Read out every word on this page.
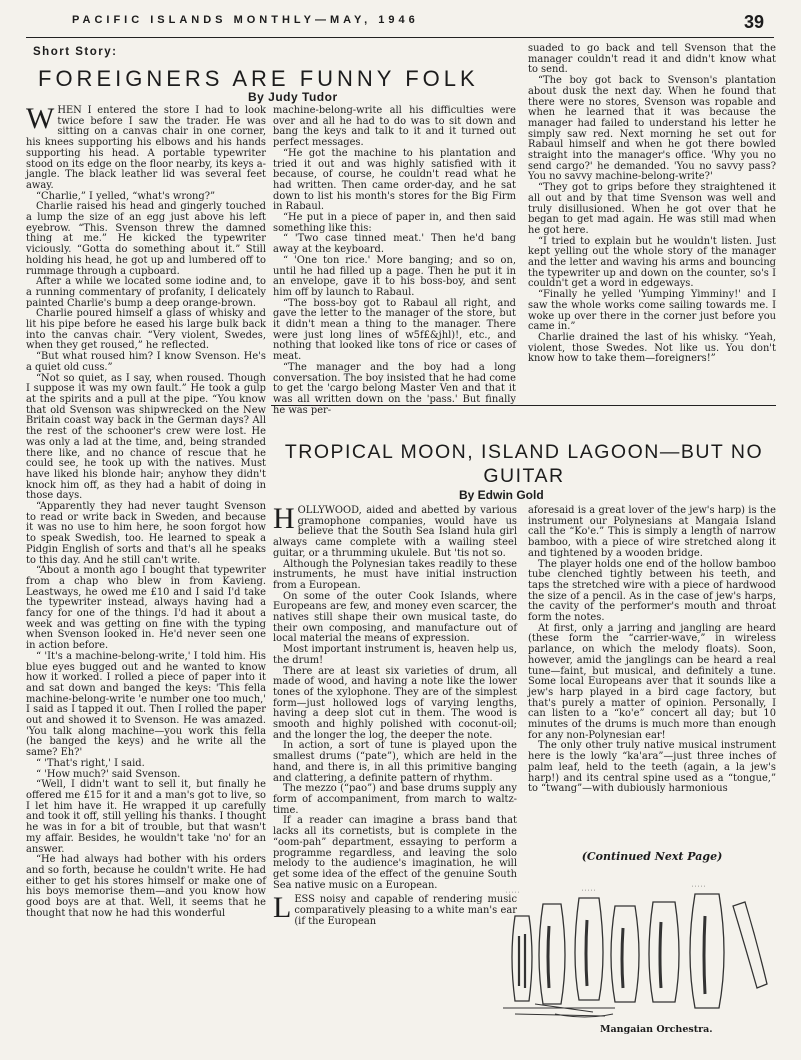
PACIFIC ISLANDS MONTHLY—MAY, 1946	39
Short Story:
FOREIGNERS ARE FUNNY FOLK
By Judy Tudor

WHEN I entered the store I had to look twice before I saw the trader. He was sitting on a canvas chair in one corner, his knees supporting his elbows and his hands supporting his head. A portable typewriter stood on its edge on the floor nearby, its keys a-jangle. The black leather lid was several feet away.

“Charlie,” I yelled, “what's wrong?”

Charlie raised his head and gingerly touched a lump the size of an egg just above his left eyebrow. “This. Svenson threw the damned thing at me.” He kicked the typewriter viciously. “Gotta do something about it.” Still holding his head, he got up and lumbered off to rummage through a cupboard.

After a while we located some iodine and, to a running commentary of profanity, I delicately painted Charlie's bump a deep orange-brown.

Charlie poured himself a glass of whisky and lit his pipe before he eased his large bulk back into the canvas chair. “Very violent, Swedes, when they get roused,” he reflected.

“But what roused him? I know Svenson. He's a quiet old cuss.”

“Not so quiet, as I say, when roused. Though I suppose it was my own fault.” He took a gulp at the spirits and a pull at the pipe. “You know that old Svenson was shipwrecked on the New Britain coast way back in the German days? All the rest of the schooner's crew were lost. He was only a lad at the time, and, being stranded there like, and no chance of rescue that he could see, he took up with the natives. Must have liked his blonde hair; anyhow they didn't knock him off, as they had a habit of doing in those days.

“Apparently they had never taught Svenson to read or write back in Sweden, and because it was no use to him here, he soon forgot how to speak Swedish, too. He learned to speak a Pidgin English of sorts and that's all he speaks to this day. And he still can't write.

“About a month ago I bought that typewriter from a chap who blew in from Kavieng. Leastways, he owed me £10 and I said I'd take the typewriter instead, always having had a fancy for one of the things. I'd had it about a week and was getting on fine with the typing when Svenson looked in. He'd never seen one in action before.

“ 'It's a machine-belong-write,' I told him. His blue eyes bugged out and he wanted to know how it worked. I rolled a piece of paper into it and sat down and banged the keys: 'This fella machine-belong-write 'e number one too much,' I said as I tapped it out. Then I rolled the paper out and showed it to Svenson. He was amazed. 'You talk along machine—you work this fella (he banged the keys) and he write all the same? Eh?'

“ 'That's right,' I said.

“ 'How much?' said Svenson.

“Well, I didn't want to sell it, but finally he offered me £15 for it and a man's got to live, so I let him have it. He wrapped it up carefully and took it off, still yelling his thanks. I thought he was in for a bit of trouble, but that wasn't my affair. Besides, he wouldn't take 'no' for an answer.

“He had always had bother with his orders and so forth, because he couldn't write. He had either to get his stores himself or make one of his boys memorise them—and you know how good boys are at that. Well, it seems that he thought that now he had this wonderful

machine-belong-write all his difficulties were over and all he had to do was to sit down and bang the keys and talk to it and it turned out perfect messages.

“He got the machine to his plantation and tried it out and was highly satisfied with it because, of course, he couldn't read what he had written. Then came order-day, and he sat down to list his month's stores for the Big Firm in Rabaul.

“He put in a piece of paper in, and then said something like this:

“ 'Two case tinned meat.' Then he'd bang away at the keyboard.

“ 'One ton rice.' More banging; and so on, until he had filled up a page. Then he put it in an envelope, gave it to his boss-boy, and sent him off by launch to Rabaul.

“The boss-boy got to Rabaul all right, and gave the letter to the manager of the store, but it didn't mean a thing to the manager. There were just long lines of w5f£&jhl)!, etc., and nothing that looked like tons of rice or cases of meat.

“The manager and the boy had a long conversation. The boy insisted that he had come to get the 'cargo belong Master Ven and that it was all written down on the 'pass.' But finally he was per-

suaded to go back and tell Svenson that the manager couldn't read it and didn't know what to send.

“The boy got back to Svenson's plantation about dusk the next day. When he found that there were no stores, Svenson was ropable and when he learned that it was because the manager had failed to understand his letter he simply saw red. Next morning he set out for Rabaul himself and when he got there bowled straight into the manager's office. 'Why you no send cargo?' he demanded. 'You no savvy pass? You no savvy machine-belong-write?'

“They got to grips before they straightened it all out and by that time Svenson was well and truly disillusioned. When he got over that he began to get mad again. He was still mad when he got here.

“I tried to explain but he wouldn't listen. Just kept yelling out the whole story of the manager and the letter and waving his arms and bouncing the typewriter up and down on the counter, so's I couldn't get a word in edgeways.

“Finally he yelled 'Yumping Yimminy!' and I saw the whole works come sailing towards me. I woke up over there in the corner just before you came in.”

Charlie drained the last of his whisky. “Yeah, violent, those Swedes. Not like us. You don't know how to take them—foreigners!”

TROPICAL MOON, ISLAND LAGOON—BUT NO GUITAR
By Edwin Gold

HOLLYWOOD, aided and abetted by various gramophone companies, would have us believe that the South Sea Island hula girl always came complete with a wailing steel guitar, or a thrumming ukulele. But 'tis not so.

Although the Polynesian takes readily to these instruments, he must have initial instruction from a European.

On some of the outer Cook Islands, where Europeans are few, and money even scarcer, the natives still shape their own musical taste, do their own composing, and manufacture out of local material the means of expression.

Most important instrument is, heaven help us, the drum!

There are at least six varieties of drum, all made of wood, and having a note like the lower tones of the xylophone. They are of the simplest form—just hollowed logs of varying lengths, having a deep slot cut in them. The wood is smooth and highly polished with coconut-oil; and the longer the log, the deeper the note.

In action, a sort of tune is played upon the smallest drums (“pate”), which are held in the hand, and there is, in all this primitive banging and clattering, a definite pattern of rhythm.

The mezzo (“pao”) and base drums supply any form of accompaniment, from march to waltz-time.

If a reader can imagine a brass band that lacks all its cornetists, but is complete in the “oom-pah” department, essaying to perform a programme regardless, and leaving the solo melody to the audience's imagination, he will get some idea of the effect of the genuine South Sea native music on a European.

LESS noisy and capable of rendering music comparatively pleasing to a white man's ear (if the European

aforesaid is a great lover of the jew's harp) is the instrument our Polynesians at Mangaia Island call the “Ko'e.” This is simply a length of narrow bamboo, with a piece of wire stretched along it and tightened by a wooden bridge.

The player holds one end of the hollow bamboo tube clenched tightly between his teeth, and taps the stretched wire with a piece of hardwood the size of a pencil. As in the case of jew's harps, the cavity of the performer's mouth and throat form the notes.

At first, only a jarring and jangling are heard (these form the “carrier-wave,” in wireless parlance, on which the melody floats). Soon, however, amid the janglings can be heard a real tune—faint, but musical, and definitely a tune. Some local Europeans aver that it sounds like a jew's harp played in a bird cage factory, but that's purely a matter of opinion. Personally, I can listen to a “ko'e” concert all day; but 10 minutes of the drums is much more than enough for any non-Polynesian ear!

The only other truly native musical instrument here is the lowly “ka'ara”—just three inches of palm leaf, held to the teeth (again, a la jew's harp!) and its central spine used as a “tongue,” to “twang”—with dubiously harmonious

(Continued Next Page)
·····	·····
·····
Mangaian Orchestra.
